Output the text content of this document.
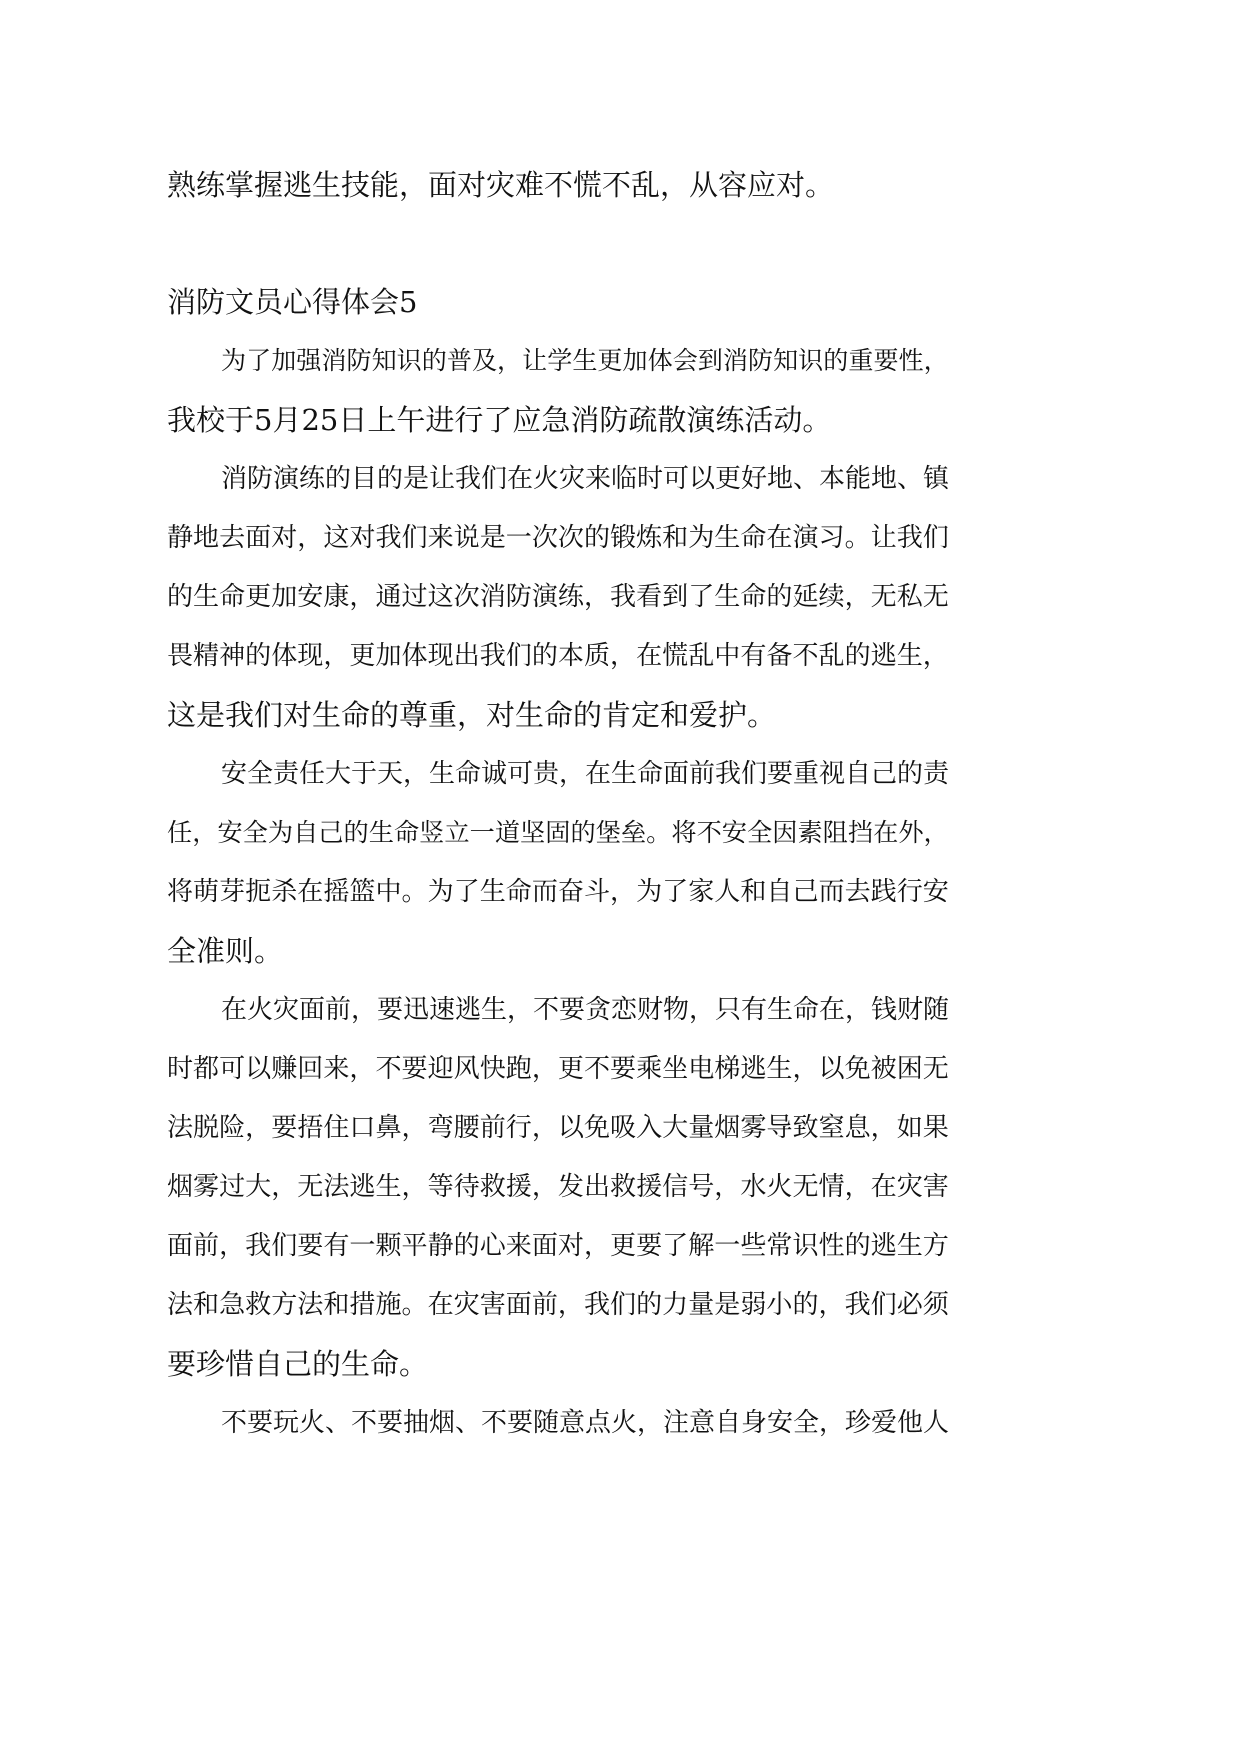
熟练掌握逃生技能，面对灾难不慌不乱，从容应对。
消防文员心得体会5
为了加强消防知识的普及，让学生更加体会到消防知识的重要性，
我校于5月25日上午进行了应急消防疏散演练活动。
消防演练的目的是让我们在火灾来临时可以更好地、本能地、镇
静地去面对，这对我们来说是一次次的锻炼和为生命在演习。让我们
的生命更加安康，通过这次消防演练，我看到了生命的延续，无私无
畏精神的体现，更加体现出我们的本质，在慌乱中有备不乱的逃生，
这是我们对生命的尊重，对生命的肯定和爱护。
安全责任大于天，生命诚可贵，在生命面前我们要重视自己的责
任，安全为自己的生命竖立一道坚固的堡垒。将不安全因素阻挡在外，
将萌芽扼杀在摇篮中。为了生命而奋斗，为了家人和自己而去践行安
全准则。
在火灾面前，要迅速逃生，不要贪恋财物，只有生命在，钱财随
时都可以赚回来，不要迎风快跑，更不要乘坐电梯逃生，以免被困无
法脱险，要捂住口鼻，弯腰前行，以免吸入大量烟雾导致窒息，如果
烟雾过大，无法逃生，等待救援，发出救援信号，水火无情，在灾害
面前，我们要有一颗平静的心来面对，更要了解一些常识性的逃生方
法和急救方法和措施。在灾害面前，我们的力量是弱小的，我们必须
要珍惜自己的生命。
不要玩火、不要抽烟、不要随意点火，注意自身安全，珍爱他人
